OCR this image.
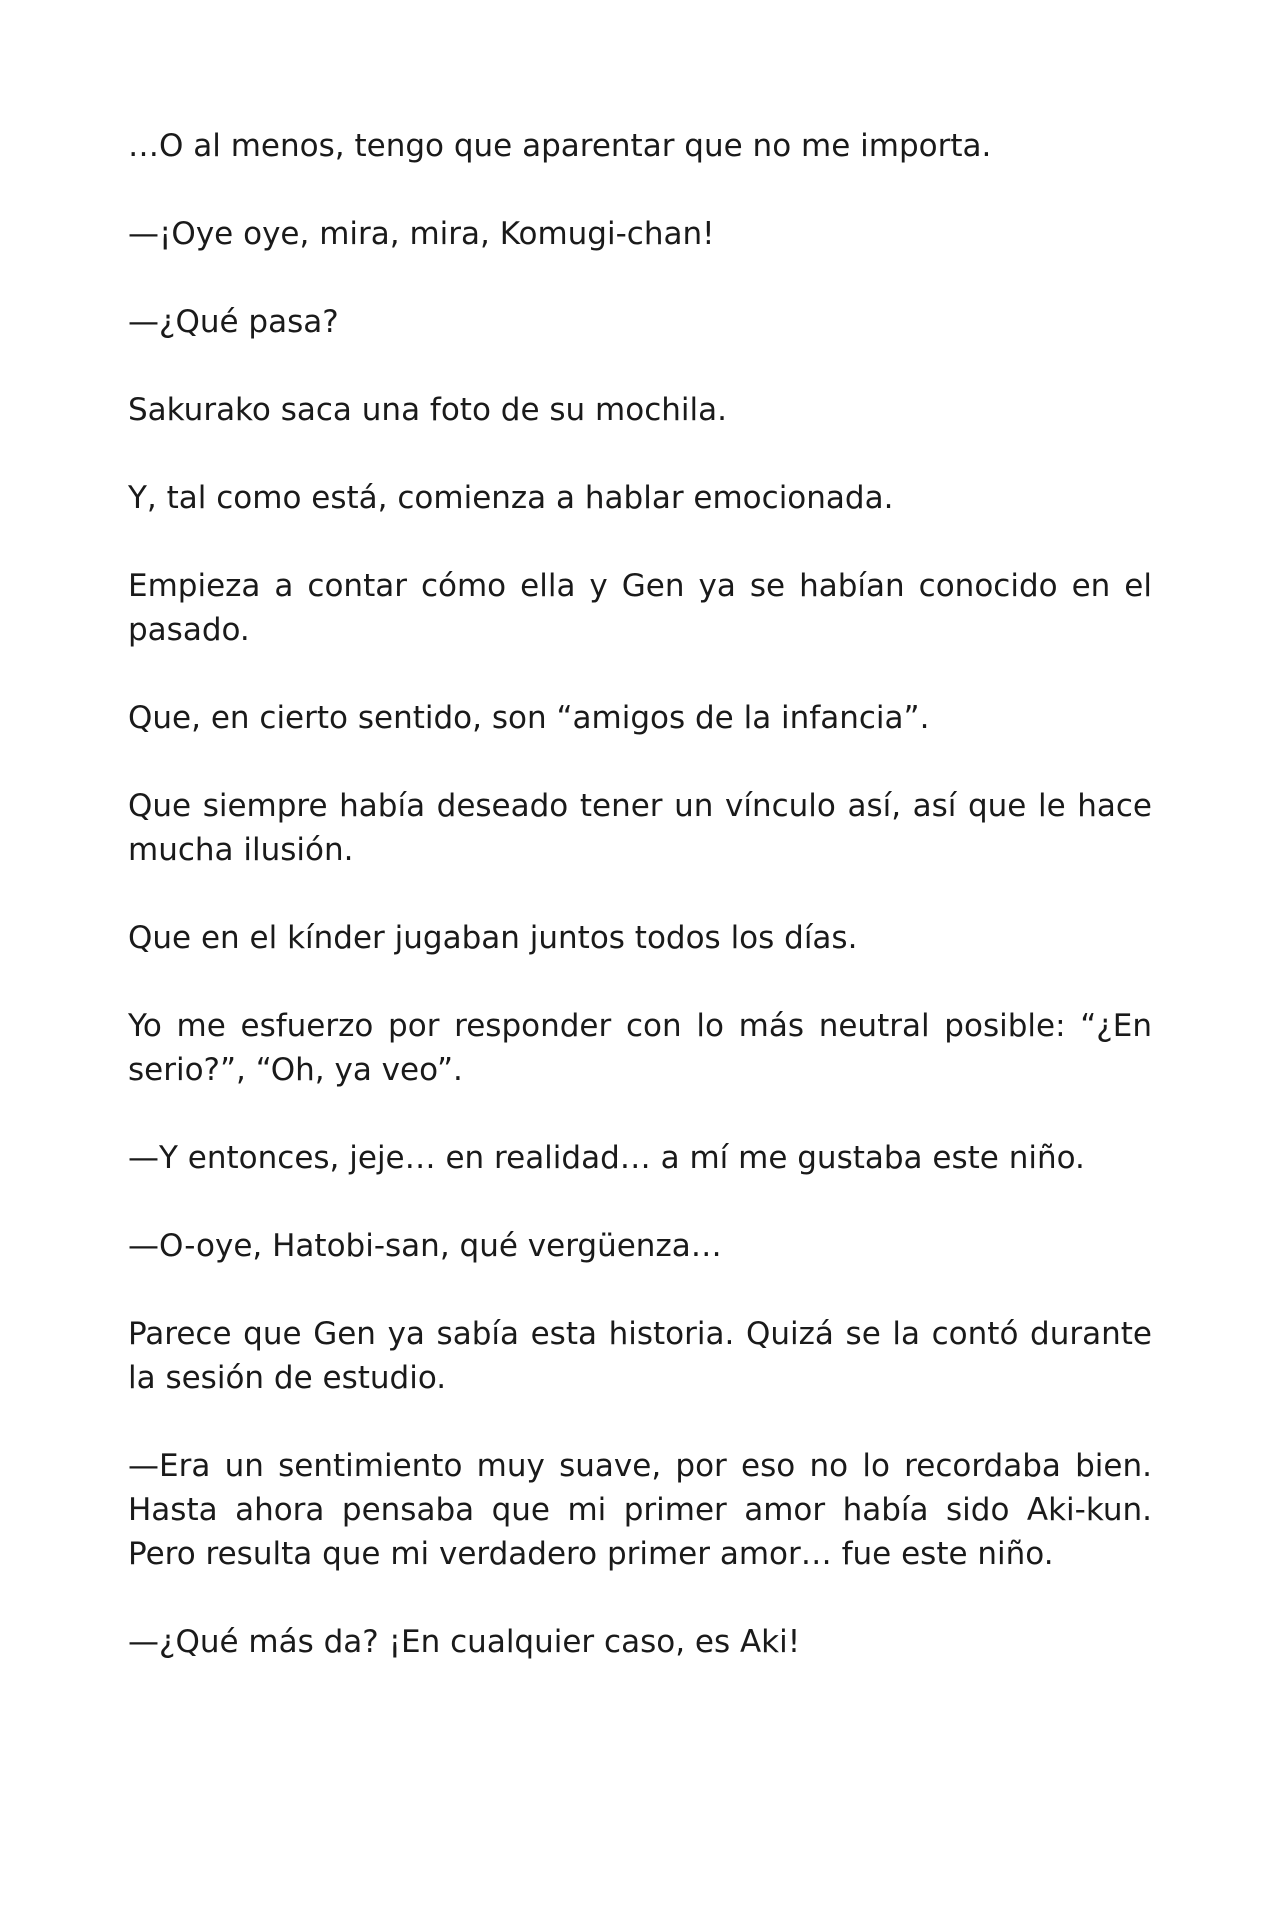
…O al menos, tengo que aparentar que no me importa.

—¡Oye oye, mira, mira, Komugi-chan!

—¿Qué pasa?

Sakurako saca una foto de su mochila.

Y, tal como está, comienza a hablar emocionada.

Empieza a contar cómo ella y Gen ya se habían conocido en el pasado.

Que, en cierto sentido, son “amigos de la infancia”.

Que siempre había deseado tener un vínculo así, así que le hace mucha ilusión.

Que en el kínder jugaban juntos todos los días.

Yo me esfuerzo por responder con lo más neutral posible: “¿En serio?”, “Oh, ya veo”.

—Y entonces, jeje… en realidad… a mí me gustaba este niño.

—O-oye, Hatobi-san, qué vergüenza…

Parece que Gen ya sabía esta historia. Quizá se la contó durante la sesión de estudio.

—Era un sentimiento muy suave, por eso no lo recordaba bien. Hasta ahora pensaba que mi primer amor había sido Aki-kun. Pero resulta que mi verdadero primer amor… fue este niño.

—¿Qué más da? ¡En cualquier caso, es Aki!
